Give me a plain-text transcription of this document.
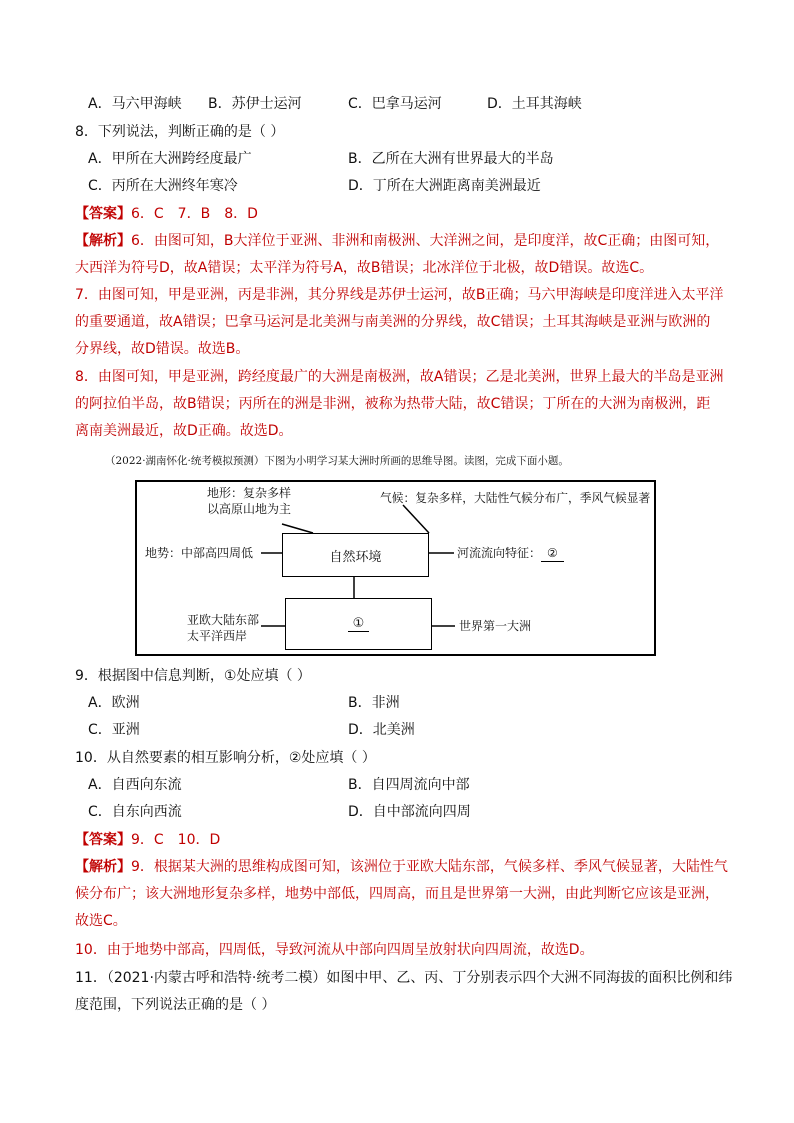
A．马六甲海峡 B．苏伊士运河	C．巴拿马运河	D．土耳其海峡
8．下列说法，判断正确的是（ ）
A．甲所在大洲跨经度最广	B．乙所在大洲有世界最大的半岛
C．丙所在大洲终年寒冷	D．丁所在大洲距离南美洲最近
【答案】6．C　7．B　8．D
【解析】6．由图可知，B大洋位于亚洲、非洲和南极洲、大洋洲之间，是印度洋，故C正确；由图可知，
大西洋为符号D，故A错误；太平洋为符号A，故B错误；北冰洋位于北极，故D错误。故选C。
7．由图可知，甲是亚洲，丙是非洲，其分界线是苏伊士运河，故B正确；马六甲海峡是印度洋进入太平洋
的重要通道，故A错误；巴拿马运河是北美洲与南美洲的分界线，故C错误；土耳其海峡是亚洲与欧洲的
分界线，故D错误。故选B。
8．由图可知，甲是亚洲，跨经度最广的大洲是南极洲，故A错误；乙是北美洲，世界上最大的半岛是亚洲
的阿拉伯半岛，故B错误；丙所在的洲是非洲，被称为热带大陆，故C错误；丁所在的大洲为南极洲，距
离南美洲最近，故D正确。故选D。
（2022·湖南怀化·统考模拟预测）下图为小明学习某大洲时所画的思维导图。读图，完成下面小题。
地形：复杂多样
以高原山地为主
气候：复杂多样，大陆性气候分布广，季风气候显著
地势：中部高四周低	自然环境	河流流向特征： ②
亚欧大陆东部
太平洋西岸
①	世界第一大洲
9．根据图中信息判断，①处应填（ ）
A．欧洲	B．非洲
C．亚洲	D．北美洲
10．从自然要素的相互影响分析，②处应填（ ）
A．自西向东流	B．自四周流向中部
C．自东向西流	D．自中部流向四周
【答案】9．C　10．D
【解析】9．根据某大洲的思维构成图可知，该洲位于亚欧大陆东部，气候多样、季风气候显著，大陆性气
候分布广；该大洲地形复杂多样，地势中部低，四周高，而且是世界第一大洲，由此判断它应该是亚洲，
故选C。
10．由于地势中部高，四周低，导致河流从中部向四周呈放射状向四周流，故选D。
11．（2021·内蒙古呼和浩特·统考二模）如图中甲、乙、丙、丁分别表示四个大洲不同海拔的面积比例和纬
度范围，下列说法正确的是（ ）
